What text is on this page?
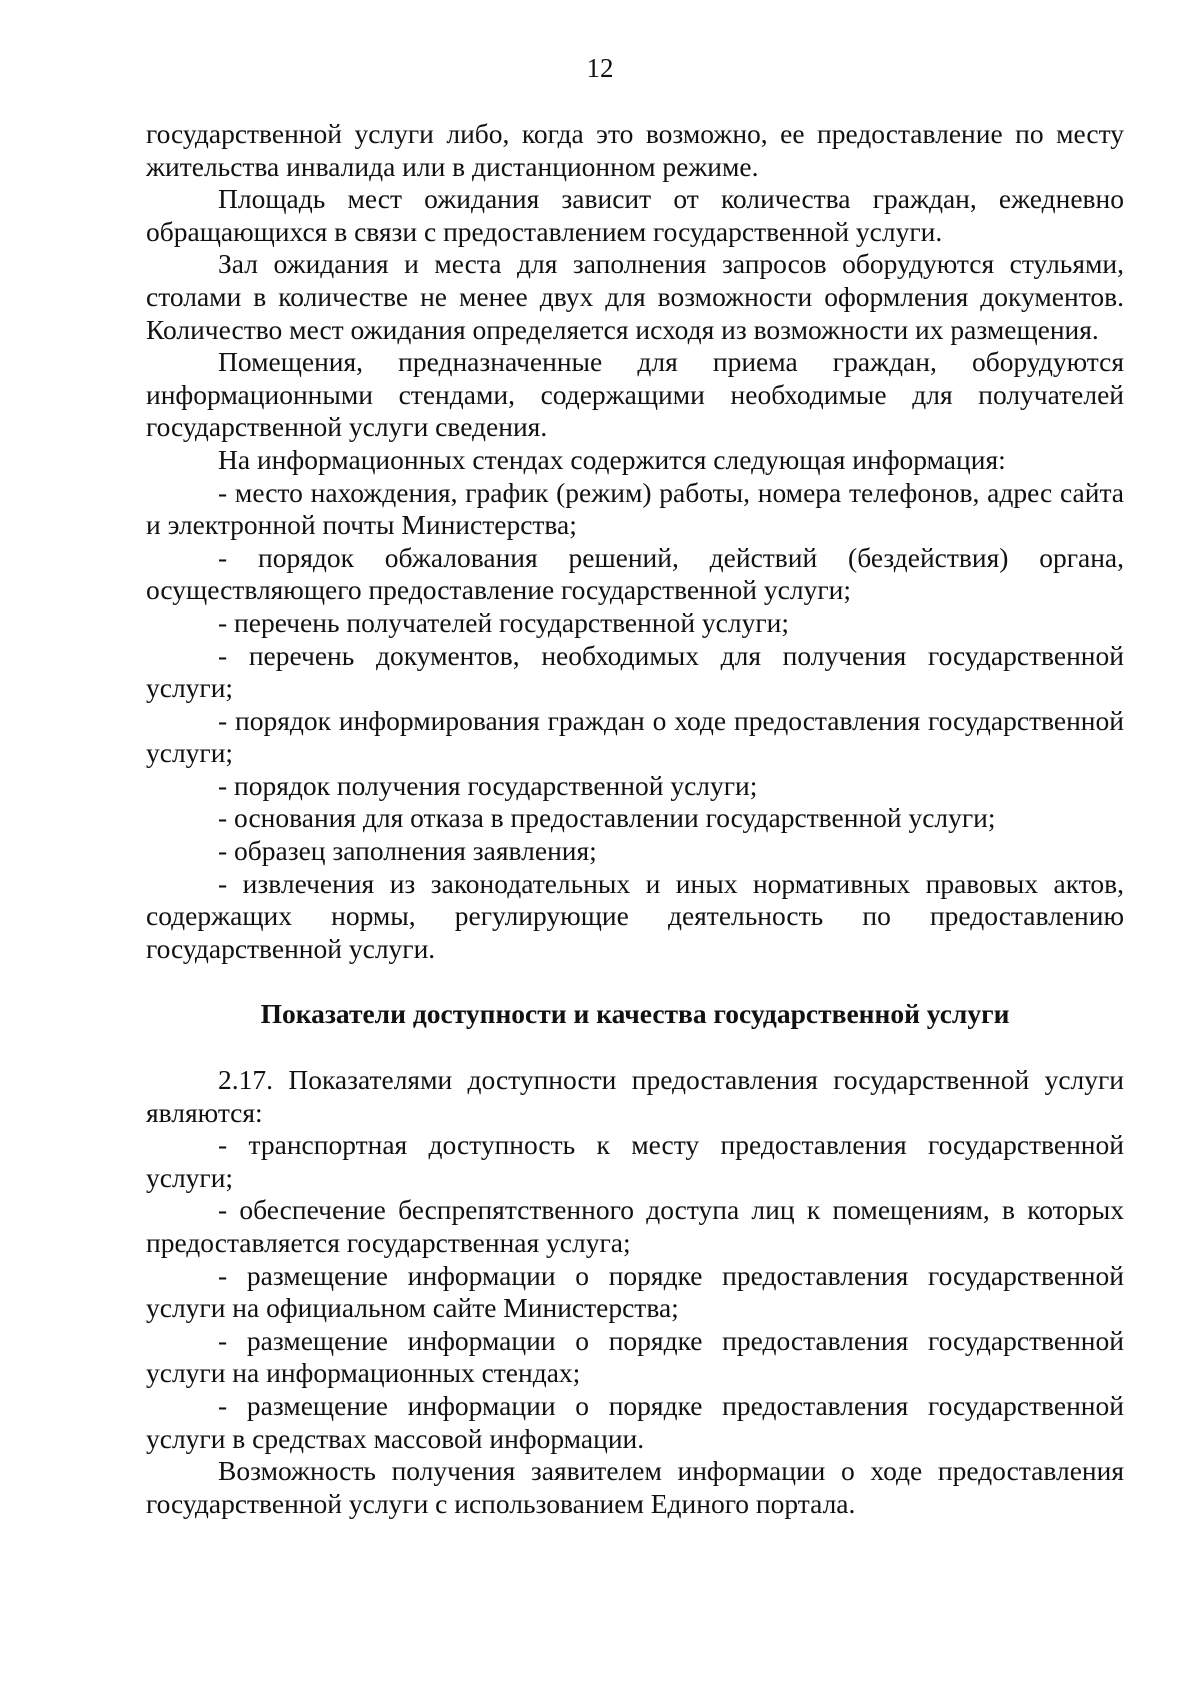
12

государственной услуги либо, когда это возможно, ее предоставление по месту жительства инвалида или в дистанционном режиме.

Площадь мест ожидания зависит от количества граждан, ежедневно обращающихся в связи с предоставлением государственной услуги.

Зал ожидания и места для заполнения запросов оборудуются стульями, столами в количестве не менее двух для возможности оформления документов. Количество мест ожидания определяется исходя из возможности их размещения.

Помещения, предназначенные для приема граждан, оборудуются информационными стендами, содержащими необходимые для получателей государственной услуги сведения.

На информационных стендах содержится следующая информация:

- место нахождения, график (режим) работы, номера телефонов, адрес сайта и электронной почты Министерства;

- порядок обжалования решений, действий (бездействия) органа, осуществляющего предоставление государственной услуги;

- перечень получателей государственной услуги;

- перечень документов, необходимых для получения государственной услуги;

- порядок информирования граждан о ходе предоставления государственной услуги;

- порядок получения государственной услуги;

- основания для отказа в предоставлении государственной услуги;

- образец заполнения заявления;

- извлечения из законодательных и иных нормативных правовых актов, содержащих нормы, регулирующие деятельность по предоставлению государственной услуги.

Показатели доступности и качества государственной услуги

2.17. Показателями доступности предоставления государственной услуги являются:

- транспортная доступность к месту предоставления государственной услуги;

- обеспечение беспрепятственного доступа лиц к помещениям, в которых предоставляется государственная услуга;

- размещение информации о порядке предоставления государственной услуги на официальном сайте Министерства;

- размещение информации о порядке предоставления государственной услуги на информационных стендах;

- размещение информации о порядке предоставления государственной услуги в средствах массовой информации.

Возможность получения заявителем информации о ходе предоставления государственной услуги с использованием Единого портала.
